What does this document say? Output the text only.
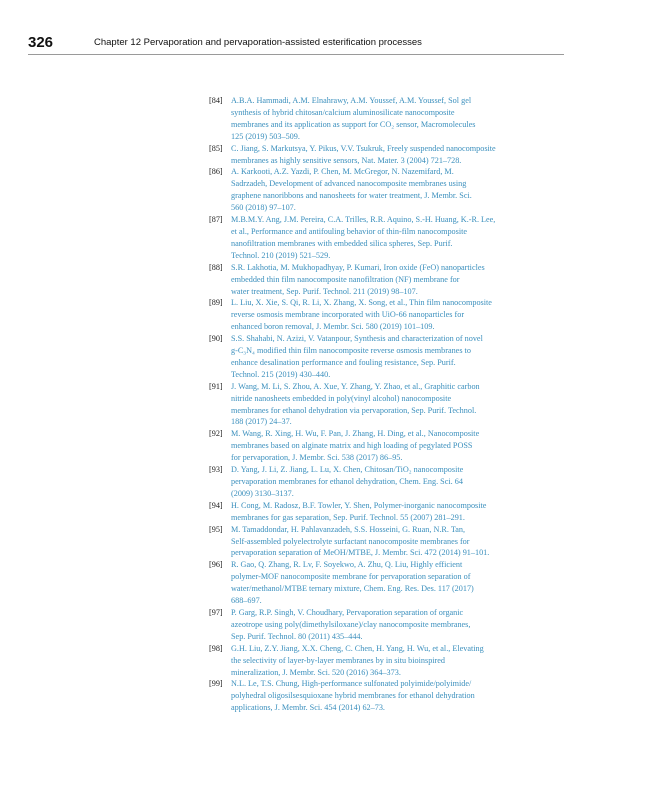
326	Chapter 12 Pervaporation and pervaporation-assisted esterification processes
[84] A.B.A. Hammadi, A.M. Elnahrawy, A.M. Youssef, A.M. Youssef, Sol gel
synthesis of hybrid chitosan/calcium aluminosilicate nanocomposite
membranes and its application as support for CO₂ sensor, Macromolecules
125 (2019) 503–509.
[85] C. Jiang, S. Markutsya, Y. Pikus, V.V. Tsukruk, Freely suspended nanocomposite
membranes as highly sensitive sensors, Nat. Mater. 3 (2004) 721–728.
[86] A. Karkooti, A.Z. Yazdi, P. Chen, M. McGregor, N. Nazemifard, M.
Sadrzadeh, Development of advanced nanocomposite membranes using
graphene nanoribbons and nanosheets for water treatment, J. Membr. Sci.
560 (2018) 97–107.
[87] M.B.M.Y. Ang, J.M. Pereira, C.A. Trilles, R.R. Aquino, S.-H. Huang, K.-R. Lee,
et al., Performance and antifouling behavior of thin-film nanocomposite
nanofiltration membranes with embedded silica spheres, Sep. Purif.
Technol. 210 (2019) 521–529.
[88] S.R. Lakhotia, M. Mukhopadhyay, P. Kumari, Iron oxide (FeO) nanoparticles
embedded thin film nanocomposite nanofiltration (NF) membrane for
water treatment, Sep. Purif. Technol. 211 (2019) 98–107.
[89] L. Liu, X. Xie, S. Qi, R. Li, X. Zhang, X. Song, et al., Thin film nanocomposite
reverse osmosis membrane incorporated with UiO-66 nanoparticles for
enhanced boron removal, J. Membr. Sci. 580 (2019) 101–109.
[90] S.S. Shahabi, N. Azizi, V. Vatanpour, Synthesis and characterization of novel
g-C₃N₄ modified thin film nanocomposite reverse osmosis membranes to
enhance desalination performance and fouling resistance, Sep. Purif.
Technol. 215 (2019) 430–440.
[91] J. Wang, M. Li, S. Zhou, A. Xue, Y. Zhang, Y. Zhao, et al., Graphitic carbon
nitride nanosheets embedded in poly(vinyl alcohol) nanocomposite
membranes for ethanol dehydration via pervaporation, Sep. Purif. Technol.
188 (2017) 24–37.
[92] M. Wang, R. Xing, H. Wu, F. Pan, J. Zhang, H. Ding, et al., Nanocomposite
membranes based on alginate matrix and high loading of pegylated POSS
for pervaporation, J. Membr. Sci. 538 (2017) 86–95.
[93] D. Yang, J. Li, Z. Jiang, L. Lu, X. Chen, Chitosan/TiO₂ nanocomposite
pervaporation membranes for ethanol dehydration, Chem. Eng. Sci. 64
(2009) 3130–3137.
[94] H. Cong, M. Radosz, B.F. Towler, Y. Shen, Polymer-inorganic nanocomposite
membranes for gas separation, Sep. Purif. Technol. 55 (2007) 281–291.
[95] M. Tamaddondar, H. Pahlavanzadeh, S.S. Hosseini, G. Ruan, N.R. Tan,
Self-assembled polyelectrolyte surfactant nanocomposite membranes for
pervaporation separation of MeOH/MTBE, J. Membr. Sci. 472 (2014) 91–101.
[96] R. Gao, Q. Zhang, R. Lv, F. Soyekwo, A. Zhu, Q. Liu, Highly efficient
polymer-MOF nanocomposite membrane for pervaporation separation of
water/methanol/MTBE ternary mixture, Chem. Eng. Res. Des. 117 (2017)
688–697.
[97] P. Garg, R.P. Singh, V. Choudhary, Pervaporation separation of organic
azeotrope using poly(dimethylsiloxane)/clay nanocomposite membranes,
Sep. Purif. Technol. 80 (2011) 435–444.
[98] G.H. Liu, Z.Y. Jiang, X.X. Cheng, C. Chen, H. Yang, H. Wu, et al., Elevating
the selectivity of layer-by-layer membranes by in situ bioinspired
mineralization, J. Membr. Sci. 520 (2016) 364–373.
[99] N.L. Le, T.S. Chung, High-performance sulfonated polyimide/polyimide/
polyhedral oligosilsesquioxane hybrid membranes for ethanol dehydration
applications, J. Membr. Sci. 454 (2014) 62–73.
